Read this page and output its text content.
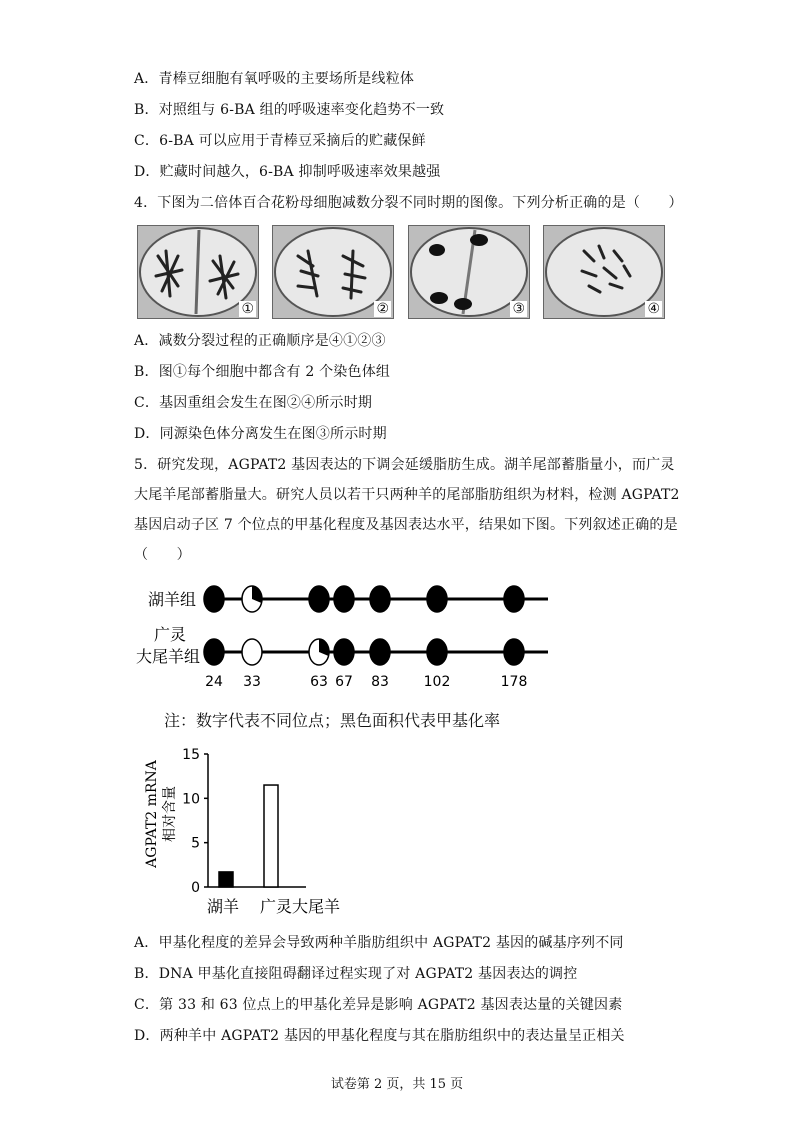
A．青棒豆细胞有氧呼吸的主要场所是线粒体
B．对照组与 6-BA 组的呼吸速率变化趋势不一致
C．6-BA 可以应用于青棒豆采摘后的贮藏保鲜
D．贮藏时间越久，6-BA 抑制呼吸速率效果越强
4．下图为二倍体百合花粉母细胞减数分裂不同时期的图像。下列分析正确的是（　　）
①	②	③	④
A．减数分裂过程的正确顺序是④①②③
B．图①每个细胞中都含有 2 个染色体组
C．基因重组会发生在图②④所示时期
D．同源染色体分离发生在图③所示时期
5．研究发现，AGPAT2 基因表达的下调会延缓脂肪生成。湖羊尾部蓄脂量小，而广灵
大尾羊尾部蓄脂量大。研究人员以若干只两种羊的尾部脂肪组织为材料，检测 AGPAT2
基因启动子区 7 个位点的甲基化程度及基因表达水平，结果如下图。下列叙述正确的是
（　　）
湖羊组
广灵
大尾羊组
24 33	63 67 83 102	178
注：数字代表不同位点；黑色面积代表甲基化率
AGPAT2 mRNA 相对含量
0
5
10
15
湖羊 广灵大尾羊
A．甲基化程度的差异会导致两种羊脂肪组织中 AGPAT2 基因的碱基序列不同
B．DNA 甲基化直接阻碍翻译过程实现了对 AGPAT2 基因表达的调控
C．第 33 和 63 位点上的甲基化差异是影响 AGPAT2 基因表达量的关键因素
D．两种羊中 AGPAT2 基因的甲基化程度与其在脂肪组织中的表达量呈正相关
试卷第 2 页，共 15 页
